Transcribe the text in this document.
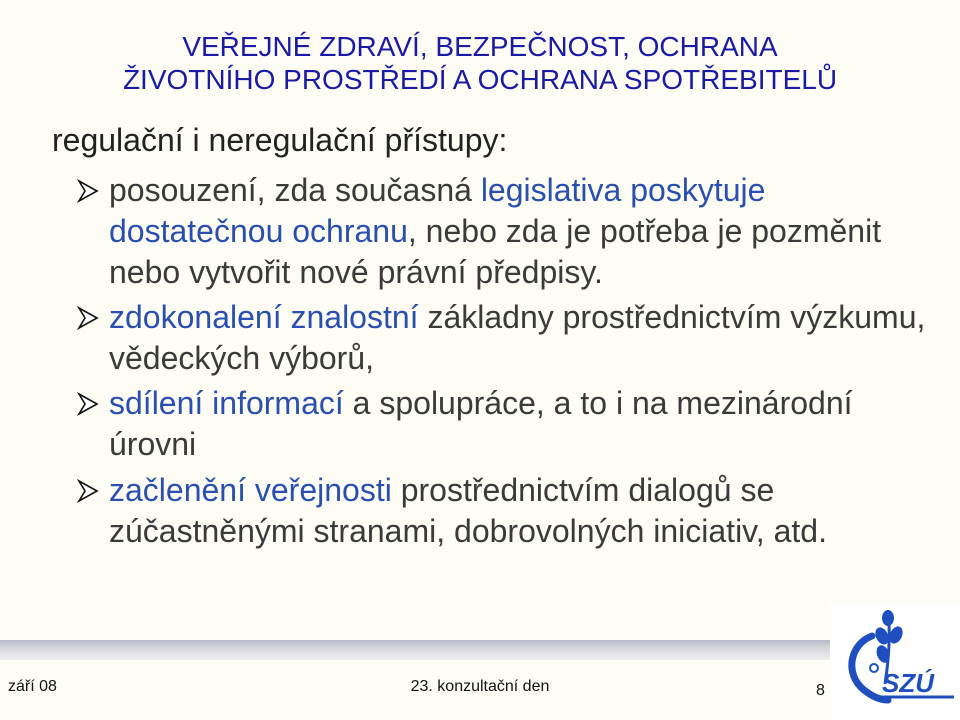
VEŘEJNÉ ZDRAVÍ, BEZPEČNOST, OCHRANA
ŽIVOTNÍHO PROSTŘEDÍ A OCHRANA SPOTŘEBITELŮ
regulační i neregulační přístupy:
posouzení, zda současná legislativa poskytuje dostatečnou ochranu, nebo zda je potřeba je pozměnit nebo vytvořit nové právní předpisy.
zdokonalení znalostní základny prostřednictvím výzkumu, vědeckých výborů,
sdílení informací a spolupráce, a to i na mezinárodní úrovni
začlenění veřejnosti prostřednictvím dialogů se zúčastněnými stranami, dobrovolných iniciativ, atd.
září 08	23. konzultační den	8 SZÚ
